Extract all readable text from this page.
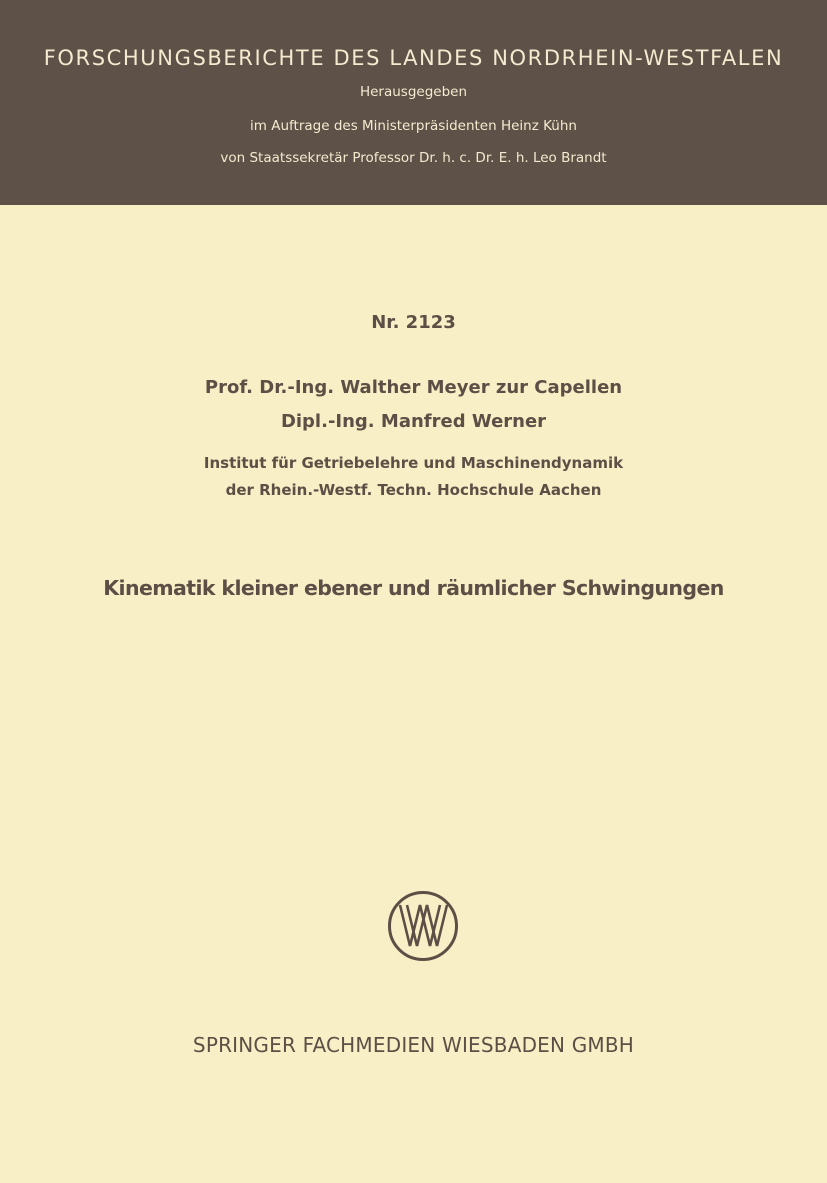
FORSCHUNGSBERICHTE DES LANDES NORDRHEIN-WESTFALEN
Herausgegeben
im Auftrage des Ministerpräsidenten Heinz Kühn
von Staatssekretär Professor Dr. h. c. Dr. E. h. Leo Brandt
Nr. 2123
Prof. Dr.-Ing. Walther Meyer zur Capellen
Dipl.-Ing. Manfred Werner
Institut für Getriebelehre und Maschinendynamik
der Rhein.-Westf. Techn. Hochschule Aachen
Kinematik kleiner ebener und räumlicher Schwingungen
SPRINGER FACHMEDIEN WIESBADEN GMBH
